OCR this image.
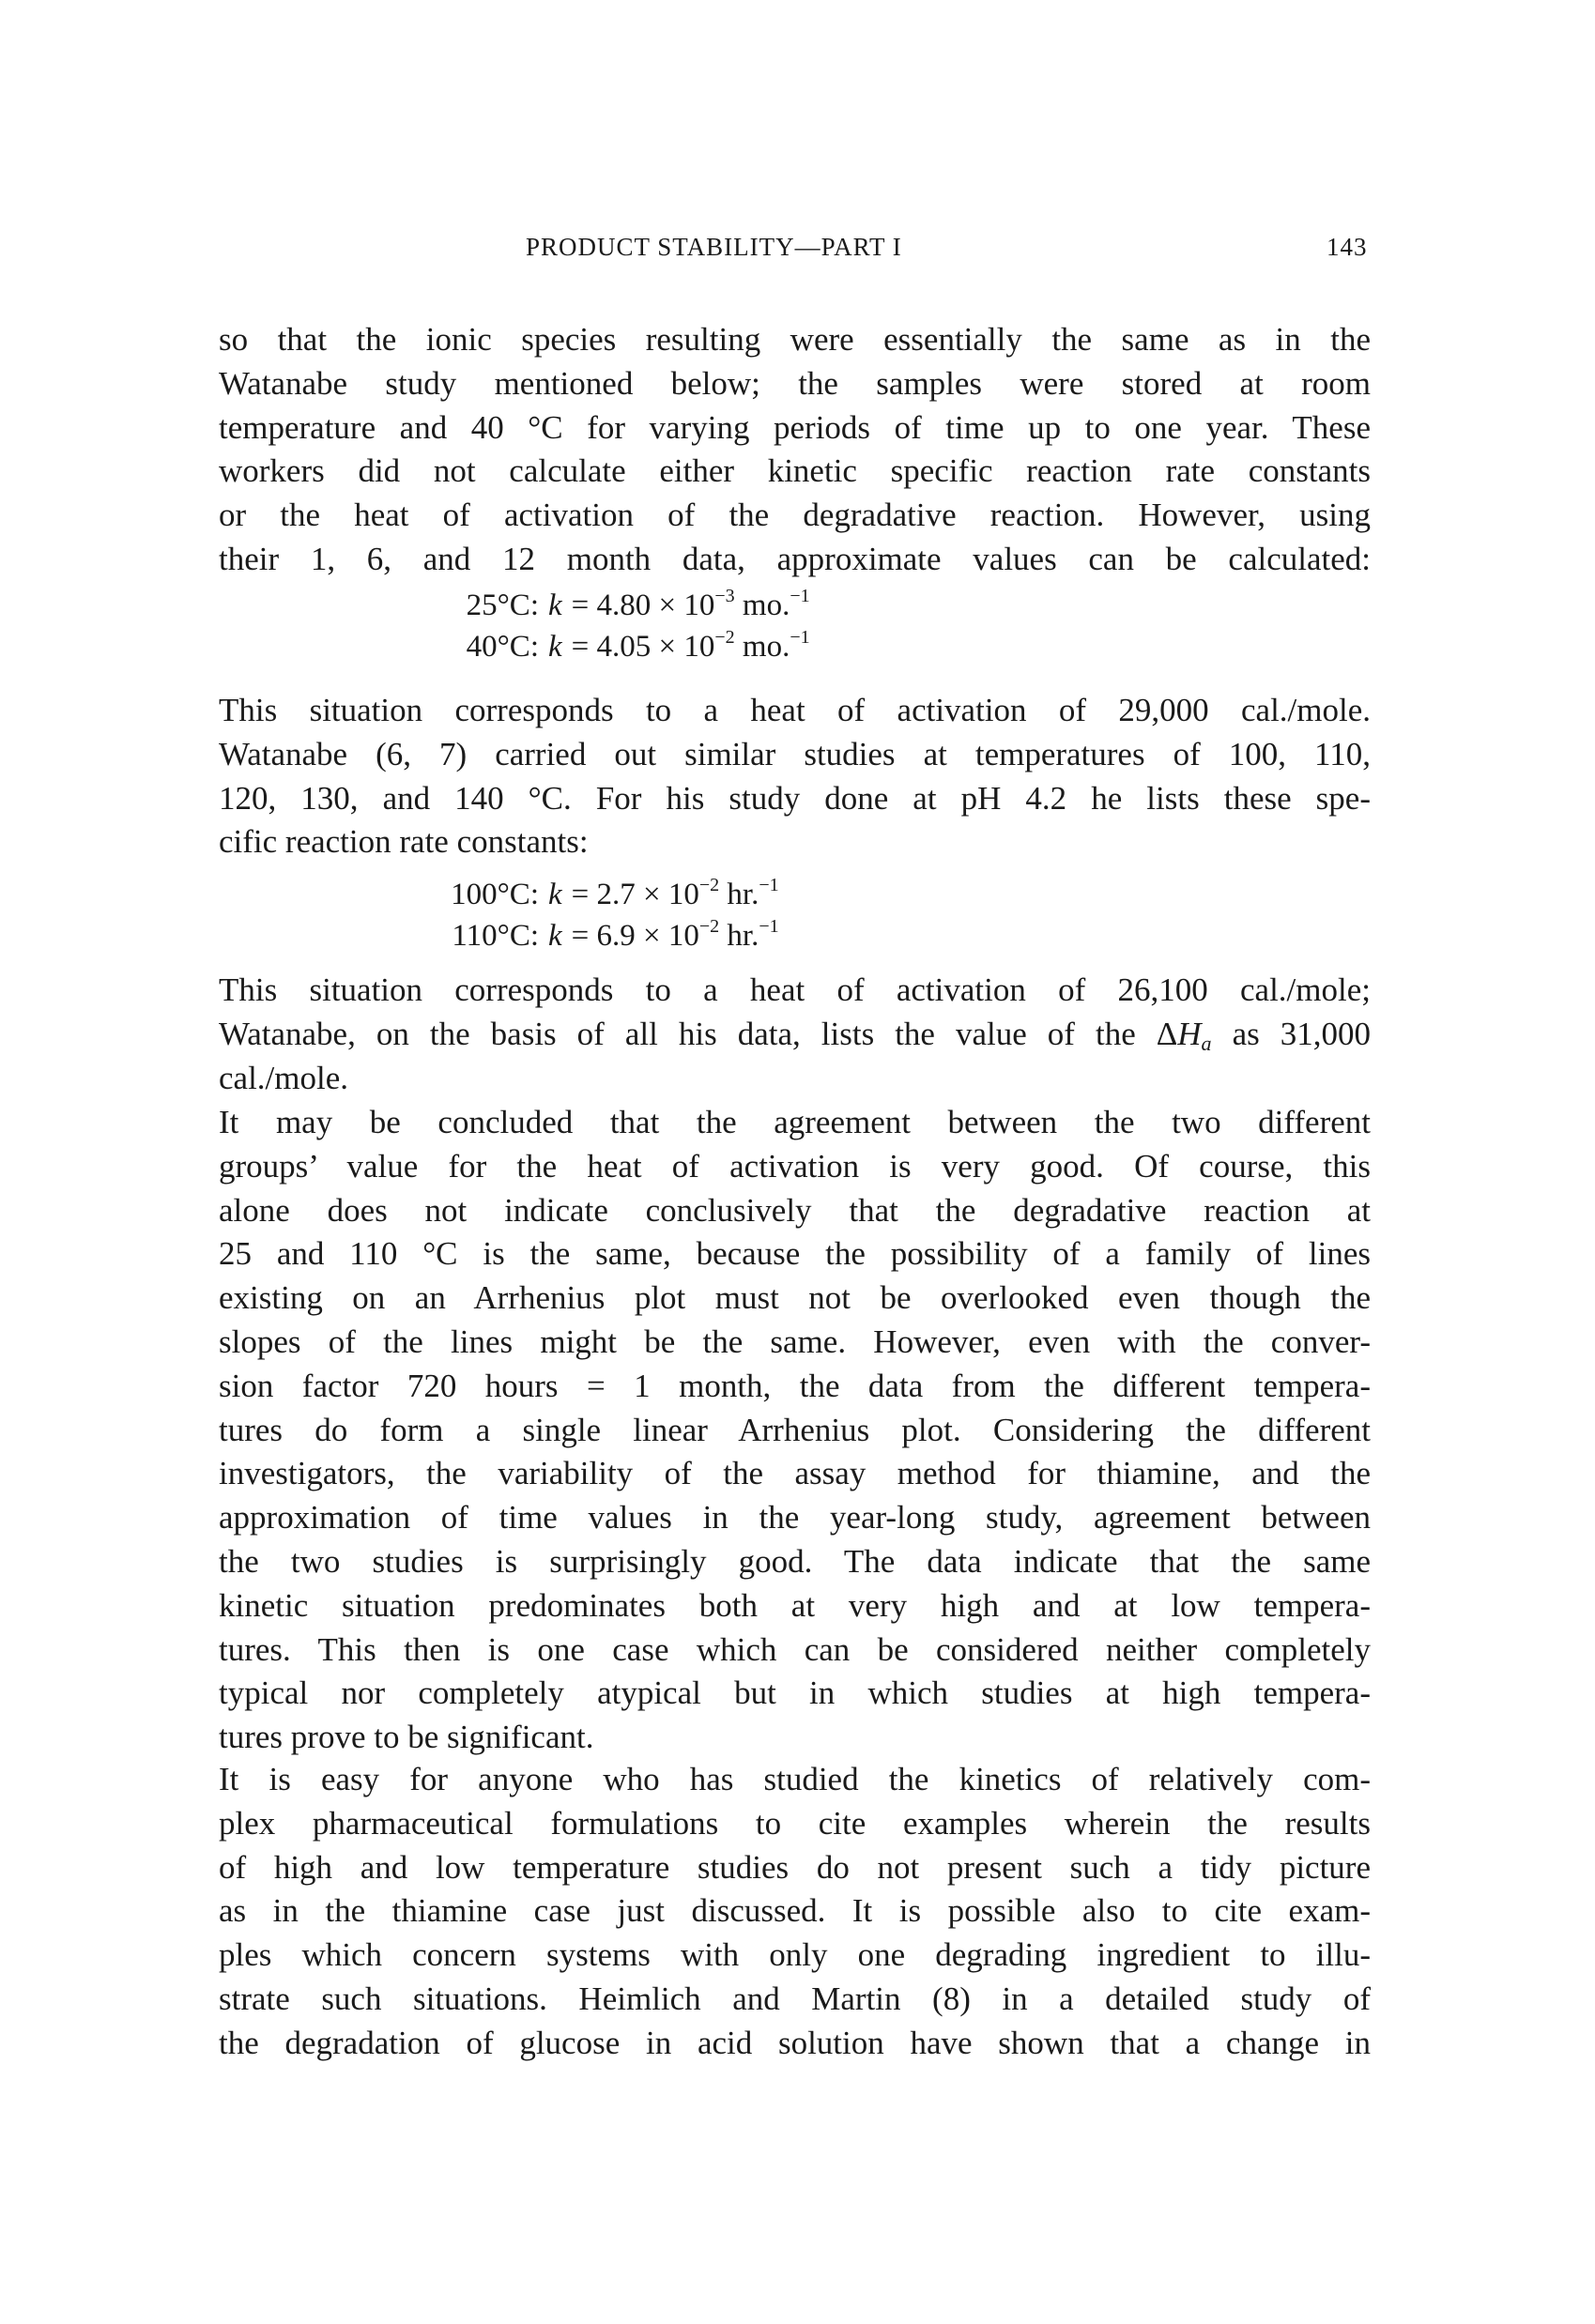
PRODUCT STABILITY—PART I	143
so that the ionic species resulting were essentially the same as in the
Watanabe study mentioned below; the samples were stored at room
temperature and 40 °C for varying periods of time up to one year. These
workers did not calculate either kinetic specific reaction rate constants
or the heat of activation of the degradative reaction. However, using
their 1, 6, and 12 month data, approximate values can be calculated:
25°C: $k = 4.80 \times 10^{-3}$ mo.$^{-1}$
40°C: $k = 4.05 \times 10^{-2}$ mo.$^{-1}$
This situation corresponds to a heat of activation of 29,000 cal./mole.
Watanabe (6, 7) carried out similar studies at temperatures of 100, 110,
120, 130, and 140 °C. For his study done at pH 4.2 he lists these spe-
cific reaction rate constants:
100°C: $k = 2.7 \times 10^{-2}$ hr.$^{-1}$
110°C: $k = 6.9 \times 10^{-2}$ hr.$^{-1}$
This situation corresponds to a heat of activation of 26,100 cal./mole;
Watanabe, on the basis of all his data, lists the value of the $\Delta H_a$ as 31,000
cal./mole.
It may be concluded that the agreement between the two different
groups’ value for the heat of activation is very good. Of course, this
alone does not indicate conclusively that the degradative reaction at
25 and 110 °C is the same, because the possibility of a family of lines
existing on an Arrhenius plot must not be overlooked even though the
slopes of the lines might be the same. However, even with the conver-
sion factor 720 hours = 1 month, the data from the different tempera-
tures do form a single linear Arrhenius plot. Considering the different
investigators, the variability of the assay method for thiamine, and the
approximation of time values in the year-long study, agreement between
the two studies is surprisingly good. The data indicate that the same
kinetic situation predominates both at very high and at low tempera-
tures. This then is one case which can be considered neither completely
typical nor completely atypical but in which studies at high tempera-
tures prove to be significant.
It is easy for anyone who has studied the kinetics of relatively com-
plex pharmaceutical formulations to cite examples wherein the results
of high and low temperature studies do not present such a tidy picture
as in the thiamine case just discussed. It is possible also to cite exam-
ples which concern systems with only one degrading ingredient to illu-
strate such situations. Heimlich and Martin (8) in a detailed study of
the degradation of glucose in acid solution have shown that a change in
